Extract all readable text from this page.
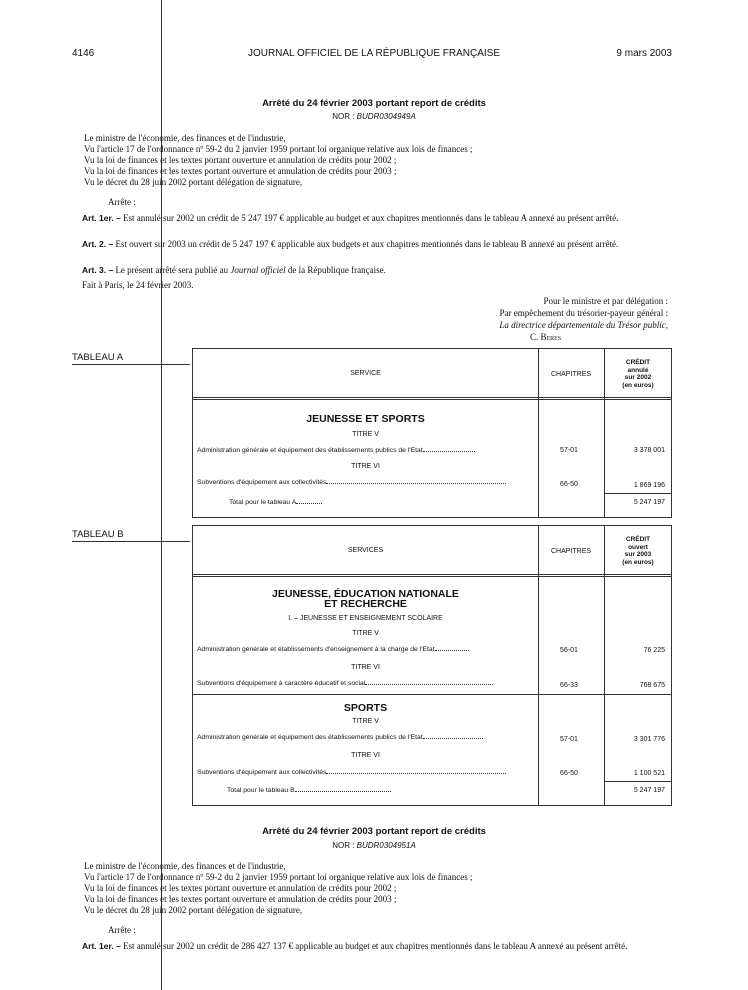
4146	JOURNAL OFFICIEL DE LA RÉPUBLIQUE FRANÇAISE	9 mars 2003
Arrêté du 24 février 2003 portant report de crédits
NOR : BUDR0304949A
Le ministre de l'économie, des finances et de l'industrie,
Vu l'article 17 de l'ordonnance nº 59-2 du 2 janvier 1959 portant loi organique relative aux lois de finances ;
Vu la loi de finances et les textes portant ouverture et annulation de crédits pour 2002 ;
Vu la loi de finances et les textes portant ouverture et annulation de crédits pour 2003 ;
Vu le décret du 28 juin 2002 portant délégation de signature,
Arrête :
Art. 1er. – Est annulé sur 2002 un crédit de 5 247 197 € applicable au budget et aux chapitres mentionnés dans le tableau A annexé au présent arrêté.
Art. 2. – Est ouvert sur 2003 un crédit de 5 247 197 € applicable aux budgets et aux chapitres mentionnés dans le tableau B annexé au présent arrêté.
Art. 3. – Le présent arrêté sera publié au Journal officiel de la République française.
Fait à Paris, le 24 février 2003.
Pour le ministre et par délégation :
Par empêchement du trésorier-payeur général :
La directrice départementale du Trésor public,
C. Beres
TABLEAU A
SERVICE	CHAPITRES
CRÉDIT
annulé
sur 2002
(en euros)
JEUNESSE ET SPORTS
TITRE V
Administration générale et équipement des établissements publics de l'Etat	57-01	3 378 001
TITRE VI
Subventions d'équipement aux collectivités	66-50	1 869 196
Total pour le tableau A	5 247 197
TABLEAU B
SERVICES	CHAPITRES
CRÉDIT
ouvert
sur 2003
(en euros)
JEUNESSE, ÉDUCATION NATIONALE
ET RECHERCHE
I. – JEUNESSE ET ENSEIGNEMENT SCOLAIRE
TITRE V
Administration générale et établissements d'enseignement à la charge de l'Etat	56-01	76 225
TITRE VI
Subventions d'équipement à caractère éducatif et social	66-33	768 675
SPORTS
TITRE V
Administration générale et équipement des établissements publics de l'Etat	57-01	3 301 776
TITRE VI
Subventions d'équipement aux collectivités	66-50	1 100 521
Total pour le tableau B	5 247 197
Arrêté du 24 février 2003 portant report de crédits
NOR : BUDR0304951A
Le ministre de l'économie, des finances et de l'industrie,
Vu l'article 17 de l'ordonnance nº 59-2 du 2 janvier 1959 portant loi organique relative aux lois de finances ;
Vu la loi de finances et les textes portant ouverture et annulation de crédits pour 2002 ;
Vu la loi de finances et les textes portant ouverture et annulation de crédits pour 2003 ;
Vu le décret du 28 juin 2002 portant délégation de signature,
Arrête :
Art. 1er. – Est annulé sur 2002 un crédit de 286 427 137 € applicable au budget et aux chapitres mentionnés dans le tableau A annexé au présent arrêté.
